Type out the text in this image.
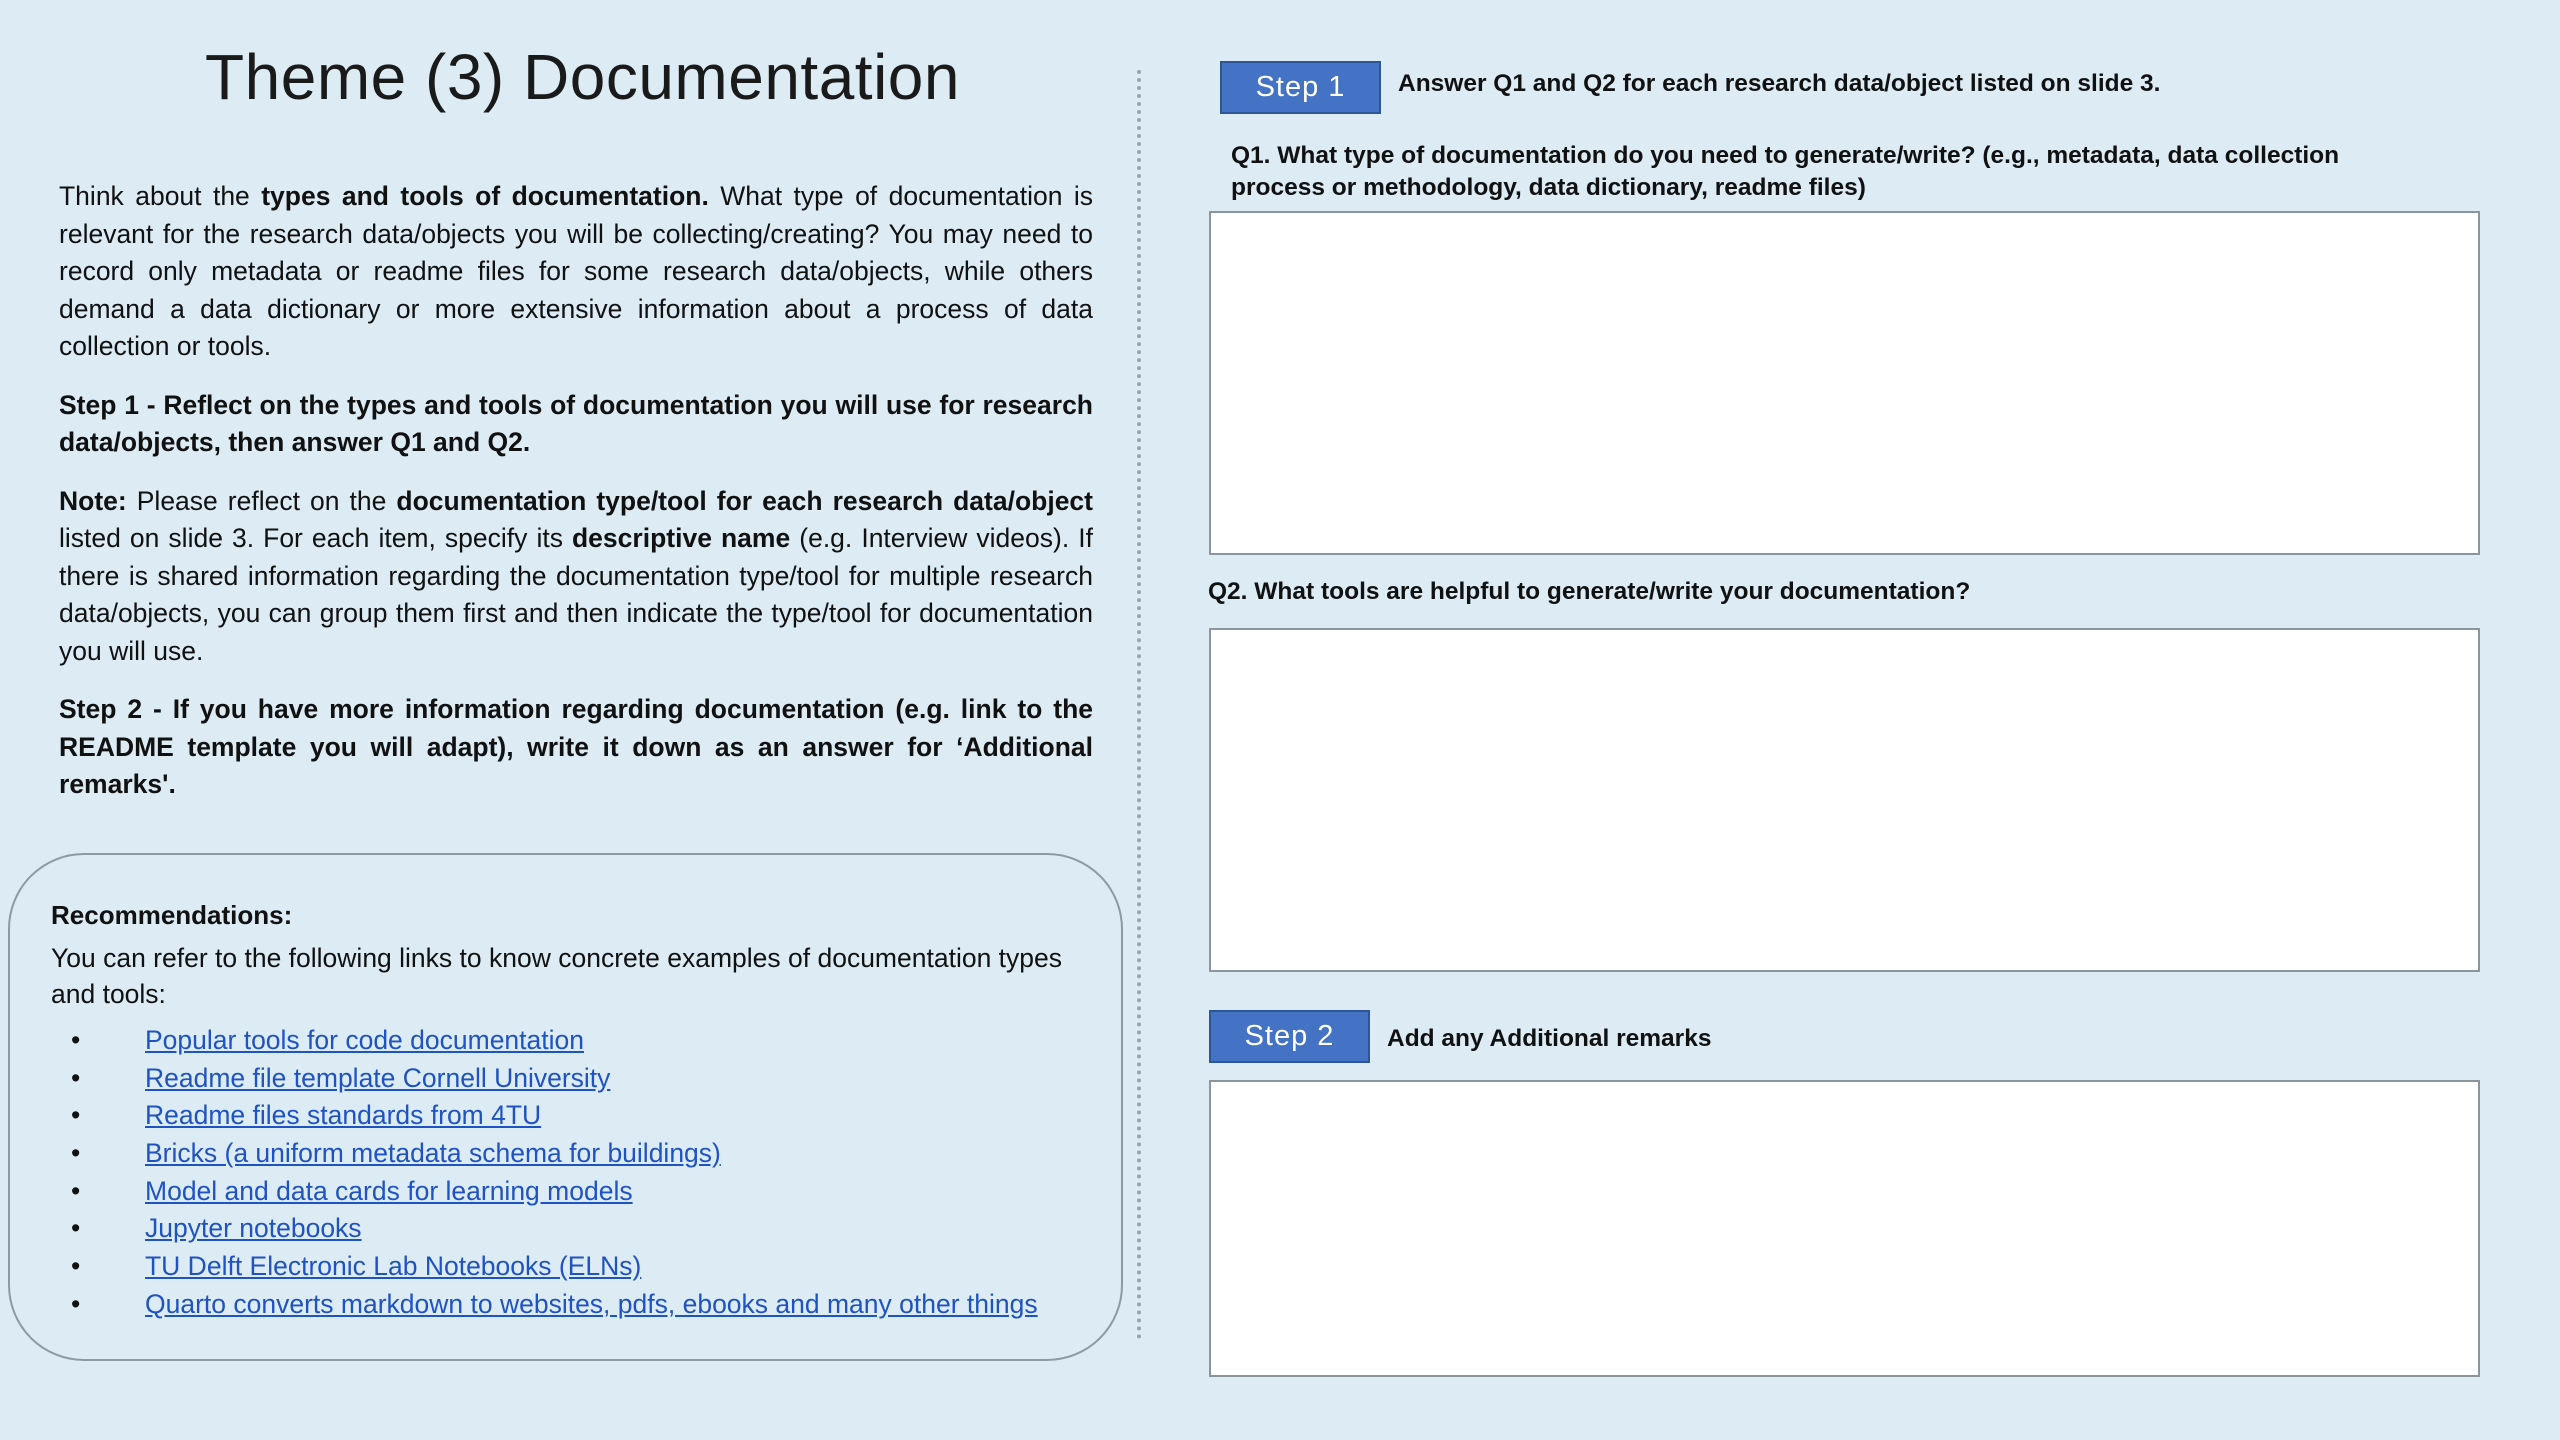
Theme (3) Documentation

Think about the types and tools of documentation. What type of documentation is relevant for the research data/objects you will be collecting/creating? You may need to record only metadata or readme files for some research data/objects, while others demand a data dictionary or more extensive information about a process of data collection or tools.

Step 1 - Reflect on the types and tools of documentation you will use for research data/objects, then answer Q1 and Q2.

Note: Please reflect on the documentation type/tool for each research data/object listed on slide 3. For each item, specify its descriptive name (e.g. Interview videos). If there is shared information regarding the documentation type/tool for multiple research data/objects, you can group them first and then indicate the type/tool for documentation you will use.

Step 2 - If you have more information regarding documentation (e.g. link to the README template you will adapt), write it down as an answer for ‘Additional remarks'.

Recommendations:
You can refer to the following links to know concrete examples of documentation types and tools:
• Popular tools for code documentation
• Readme file template Cornell University
• Readme files standards from 4TU
• Bricks (a uniform metadata schema for buildings)
• Model and data cards for learning models
• Jupyter notebooks
• TU Delft Electronic Lab Notebooks (ELNs)
• Quarto converts markdown to websites, pdfs, ebooks and many other things
Step 1	Answer Q1 and Q2 for each research data/object listed on slide 3.
Q1. What type of documentation do you need to generate/write? (e.g., metadata, data collection process or methodology, data dictionary, readme files)
Q2. What tools are helpful to generate/write your documentation?
Step 2	Add any Additional remarks
